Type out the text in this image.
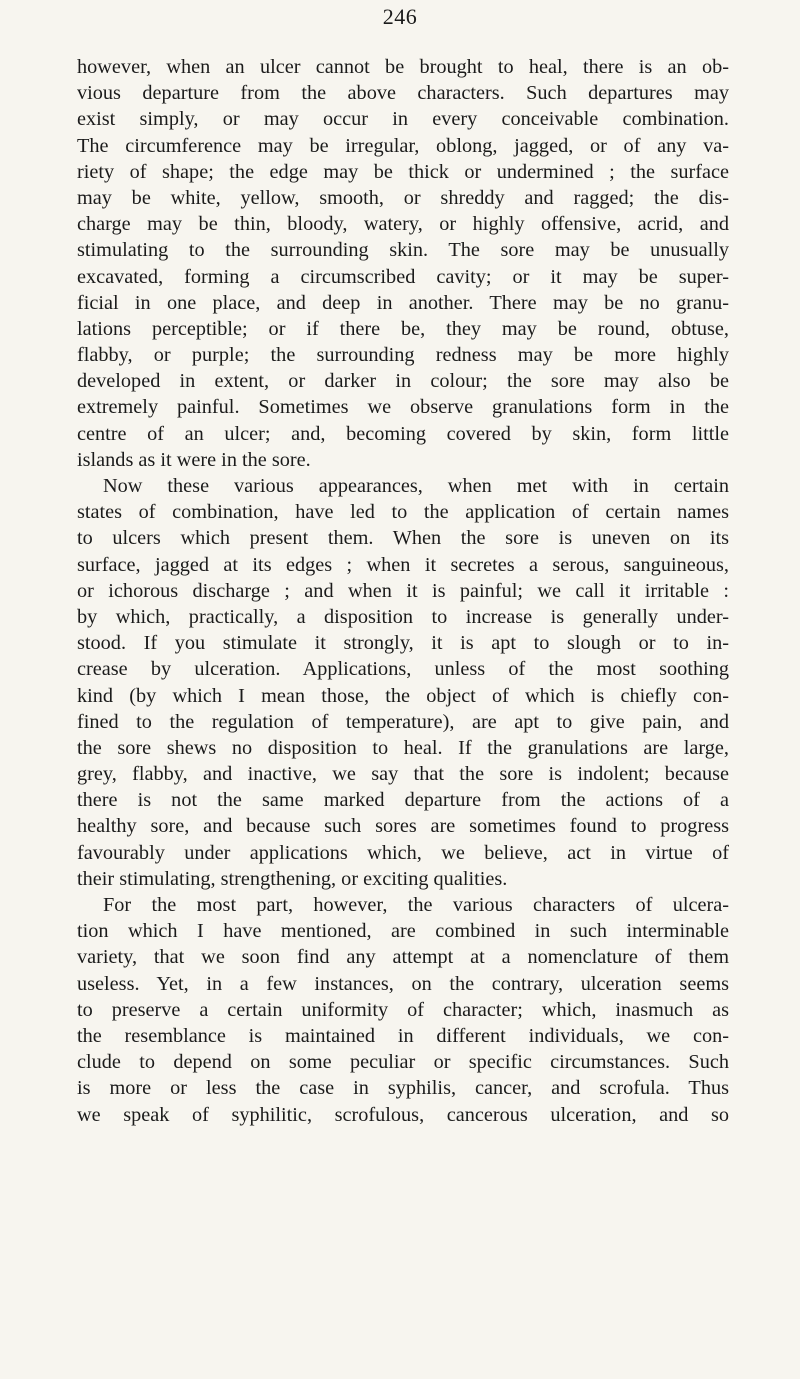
246
however, when an ulcer cannot be brought to heal, there is an ob-
vious departure from the above characters. Such departures may
exist simply, or may occur in every conceivable combination.
The circumference may be irregular, oblong, jagged, or of any va-
riety of shape; the edge may be thick or undermined ; the surface
may be white, yellow, smooth, or shreddy and ragged; the dis-
charge may be thin, bloody, watery, or highly offensive, acrid, and
stimulating to the surrounding skin. The sore may be unusually
excavated, forming a circumscribed cavity; or it may be super-
ficial in one place, and deep in another. There may be no granu-
lations perceptible; or if there be, they may be round, obtuse,
flabby, or purple; the surrounding redness may be more highly
developed in extent, or darker in colour; the sore may also be
extremely painful. Sometimes we observe granulations form in the
centre of an ulcer; and, becoming covered by skin, form little
islands as it were in the sore.
Now these various appearances, when met with in certain
states of combination, have led to the application of certain names
to ulcers which present them. When the sore is uneven on its
surface, jagged at its edges ; when it secretes a serous, sanguineous,
or ichorous discharge ; and when it is painful; we call it irritable :
by which, practically, a disposition to increase is generally under-
stood. If you stimulate it strongly, it is apt to slough or to in-
crease by ulceration. Applications, unless of the most soothing
kind (by which I mean those, the object of which is chiefly con-
fined to the regulation of temperature), are apt to give pain, and
the sore shews no disposition to heal. If the granulations are large,
grey, flabby, and inactive, we say that the sore is indolent; because
there is not the same marked departure from the actions of a
healthy sore, and because such sores are sometimes found to progress
favourably under applications which, we believe, act in virtue of
their stimulating, strengthening, or exciting qualities.
For the most part, however, the various characters of ulcera-
tion which I have mentioned, are combined in such interminable
variety, that we soon find any attempt at a nomenclature of them
useless. Yet, in a few instances, on the contrary, ulceration seems
to preserve a certain uniformity of character; which, inasmuch as
the resemblance is maintained in different individuals, we con-
clude to depend on some peculiar or specific circumstances. Such
is more or less the case in syphilis, cancer, and scrofula. Thus
we speak of syphilitic, scrofulous, cancerous ulceration, and so
